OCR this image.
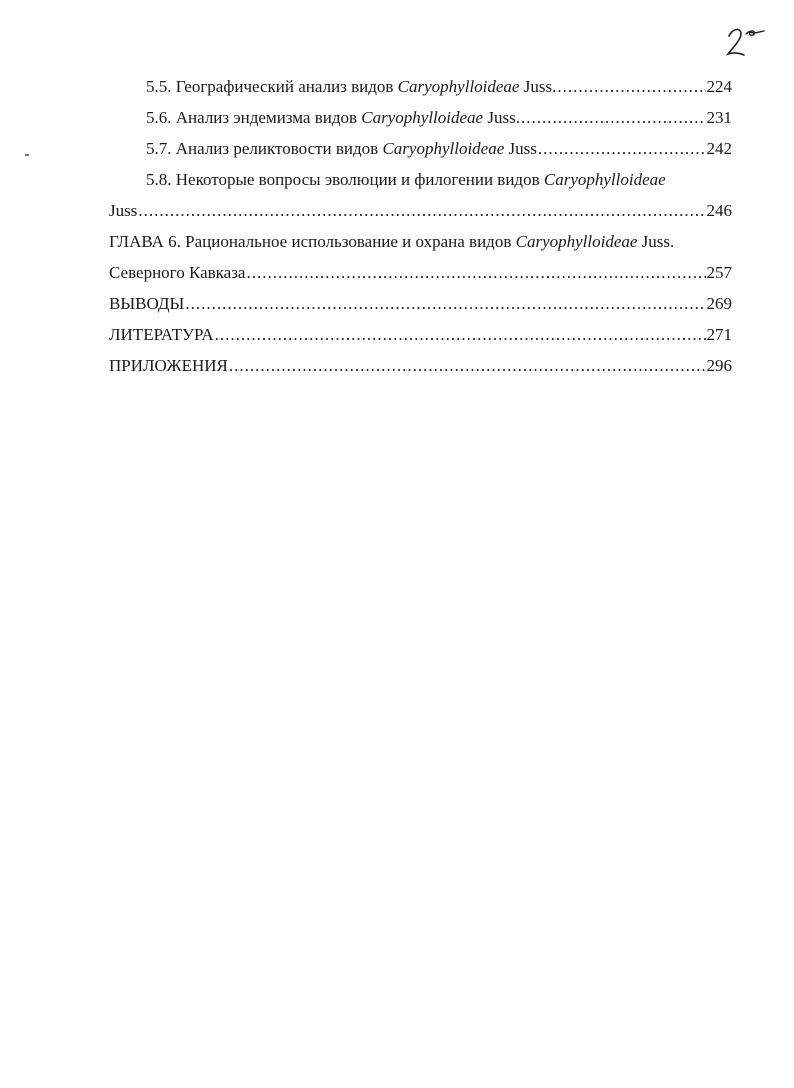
5.5. Географический анализ видов Caryophylloideae Juss. .....	224
5.6. Анализ эндемизма видов Caryophylloideae Juss. .....	231
5.7. Анализ реликтовости видов Caryophylloideae Juss .....	242
5.8. Некоторые вопросы эволюции и филогении видов Caryophylloideae
Juss .....	246
ГЛАВА 6. Рациональное использование и охрана видов Caryophylloideae Juss.
Северного Кавказа .....	257
ВЫВОДЫ .....	269
ЛИТЕРАТУРА .....	271
ПРИЛОЖЕНИЯ .....	296
